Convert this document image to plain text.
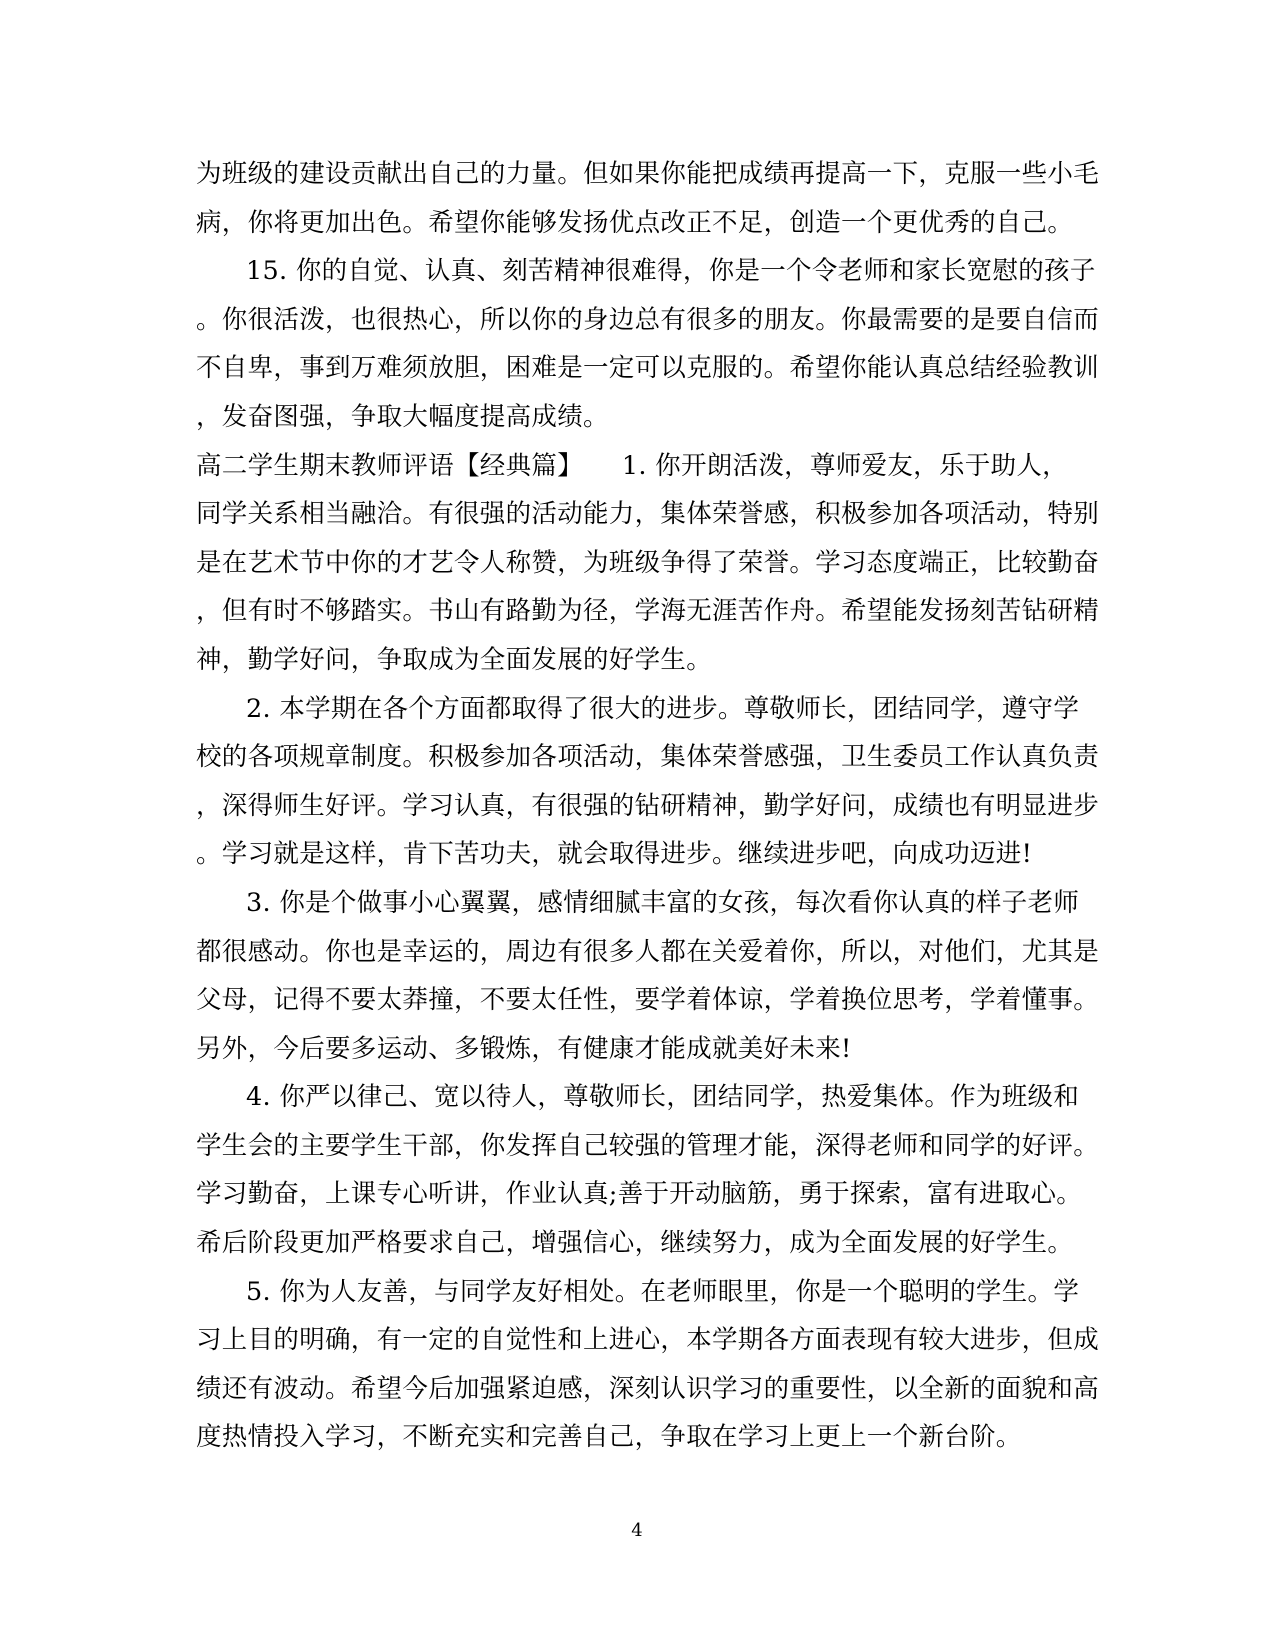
为班级的建设贡献出自己的力量。但如果你能把成绩再提高一下，克服一些小毛
病，你将更加出色。希望你能够发扬优点改正不足，创造一个更优秀的自己。
15. 你的自觉、认真、刻苦精神很难得，你是一个令老师和家长宽慰的孩子
。你很活泼，也很热心，所以你的身边总有很多的朋友。你最需要的是要自信而
不自卑，事到万难须放胆，困难是一定可以克服的。希望你能认真总结经验教训
，发奋图强，争取大幅度提高成绩。
高二学生期末教师评语【经典篇】　　1. 你开朗活泼，尊师爱友，乐于助人，
同学关系相当融洽。有很强的活动能力，集体荣誉感，积极参加各项活动，特别
是在艺术节中你的才艺令人称赞，为班级争得了荣誉。学习态度端正，比较勤奋
，但有时不够踏实。书山有路勤为径，学海无涯苦作舟。希望能发扬刻苦钻研精
神，勤学好问，争取成为全面发展的好学生。
2. 本学期在各个方面都取得了很大的进步。尊敬师长，团结同学，遵守学
校的各项规章制度。积极参加各项活动，集体荣誉感强，卫生委员工作认真负责
，深得师生好评。学习认真，有很强的钻研精神，勤学好问，成绩也有明显进步
。学习就是这样，肯下苦功夫，就会取得进步。继续进步吧，向成功迈进!
3. 你是个做事小心翼翼，感情细腻丰富的女孩，每次看你认真的样子老师
都很感动。你也是幸运的，周边有很多人都在关爱着你，所以，对他们，尤其是
父母，记得不要太莽撞，不要太任性，要学着体谅，学着换位思考，学着懂事。
另外，今后要多运动、多锻炼，有健康才能成就美好未来!
4. 你严以律己、宽以待人，尊敬师长，团结同学，热爱集体。作为班级和
学生会的主要学生干部，你发挥自己较强的管理才能，深得老师和同学的好评。
学习勤奋，上课专心听讲，作业认真;善于开动脑筋，勇于探索，富有进取心。
希后阶段更加严格要求自己，增强信心，继续努力，成为全面发展的好学生。
5. 你为人友善，与同学友好相处。在老师眼里，你是一个聪明的学生。学
习上目的明确，有一定的自觉性和上进心，本学期各方面表现有较大进步，但成
绩还有波动。希望今后加强紧迫感，深刻认识学习的重要性，以全新的面貌和高
度热情投入学习，不断充实和完善自己，争取在学习上更上一个新台阶。
4
